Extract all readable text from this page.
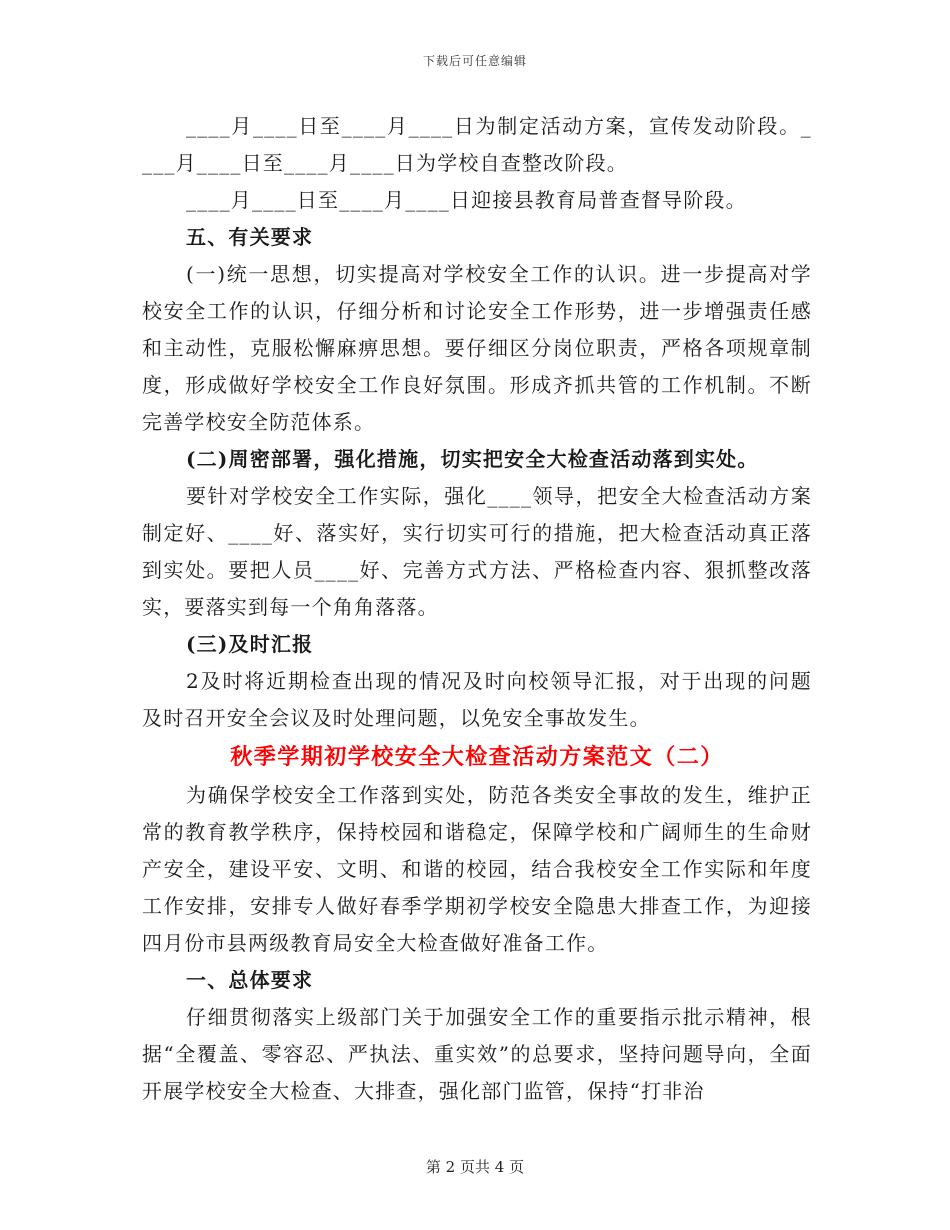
下载后可任意编辑

____月____日至____月____日为制定活动方案，宣传发动阶段。_ ___月____日至____月____日为学校自查整改阶段。

____月____日至____月____日迎接县教育局普查督导阶段。

五、有关要求

(一)统一思想，切实提高对学校安全工作的认识。进一步提高对学校安全工作的认识，仔细分析和讨论安全工作形势，进一步增强责任感和主动性，克服松懈麻痹思想。要仔细区分岗位职责，严格各项规章制度，形成做好学校安全工作良好氛围。形成齐抓共管的工作机制。不断完善学校安全防范体系。

(二)周密部署，强化措施，切实把安全大检查活动落到实处。

要针对学校安全工作实际，强化____领导，把安全大检查活动方案制定好、____好、落实好，实行切实可行的措施，把大检查活动真正落到实处。要把人员____好、完善方式方法、严格检查内容、狠抓整改落实，要落实到每一个角角落落。

(三)及时汇报

2及时将近期检查出现的情况及时向校领导汇报，对于出现的问题及时召开安全会议及时处理问题，以免安全事故发生。

秋季学期初学校安全大检查活动方案范文（二）

为确保学校安全工作落到实处，防范各类安全事故的发生，维护正常的教育教学秩序，保持校园和谐稳定，保障学校和广阔师生的生命财产安全，建设平安、文明、和谐的校园，结合我校安全工作实际和年度工作安排，安排专人做好春季学期初学校安全隐患大排查工作，为迎接四月份市县两级教育局安全大检查做好准备工作。

一、总体要求

仔细贯彻落实上级部门关于加强安全工作的重要指示批示精神，根据“全覆盖、零容忍、严执法、重实效”的总要求，坚持问题导向，全面开展学校安全大检查、大排查，强化部门监管，保持“打非治

第 2 页共 4 页
